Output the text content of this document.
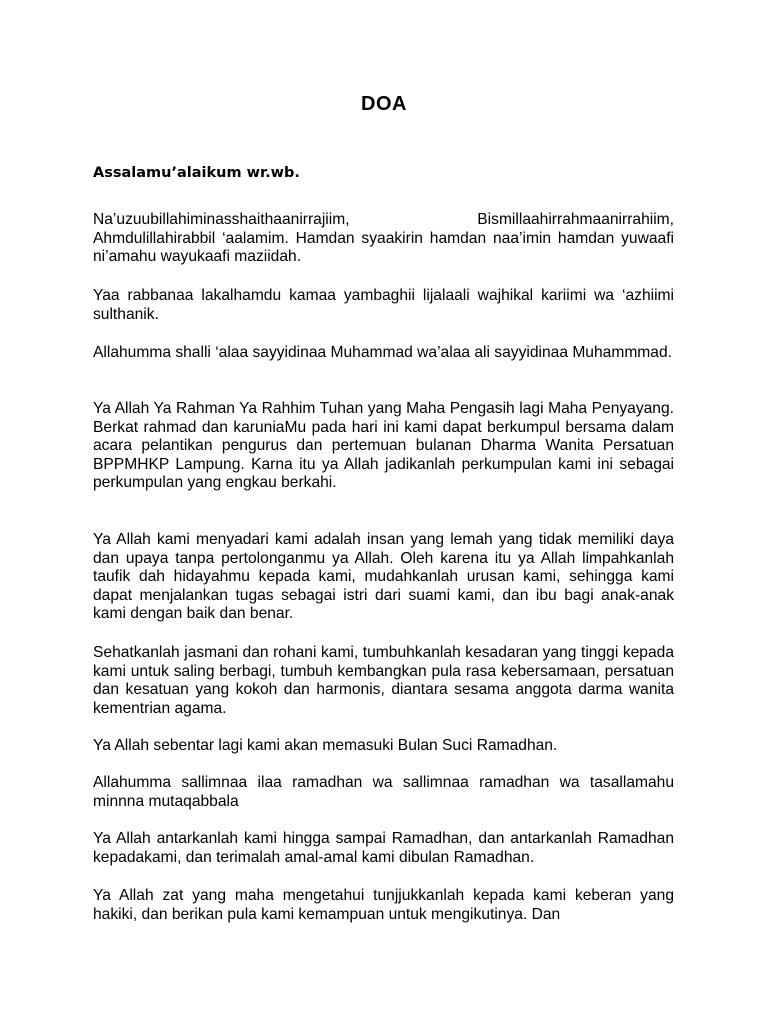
DOA
Assalamu’alaikum wr.wb.
Na’uzuubillahiminasshaithaanirrajiim,	Bismillaahirrahmaanirrahiim,
Ahmdulillahirabbil ‘aalamim. Hamdan syaakirin hamdan naa’imin hamdan yuwaafi ni’amahu wayukaafi maziidah.

Yaa rabbanaa lakalhamdu kamaa yambaghii lijalaali wajhikal kariimi wa ‘azhiimi sulthanik.

Allahumma shalli ‘alaa sayyidinaa Muhammad wa’alaa ali sayyidinaa Muhammmad.

Ya Allah Ya Rahman Ya Rahhim Tuhan yang Maha Pengasih lagi Maha Penyayang. Berkat rahmad dan karuniaMu pada hari ini kami dapat berkumpul bersama dalam acara pelantikan pengurus dan pertemuan bulanan Dharma Wanita Persatuan BPPMHKP Lampung. Karna itu ya Allah jadikanlah perkumpulan kami ini sebagai perkumpulan yang engkau berkahi.

Ya Allah kami menyadari kami adalah insan yang lemah yang tidak memiliki daya dan upaya tanpa pertolonganmu ya Allah. Oleh karena itu ya Allah limpahkanlah taufik dah hidayahmu kepada kami, mudahkanlah urusan kami, sehingga kami dapat menjalankan tugas sebagai istri dari suami kami, dan ibu bagi anak-anak kami dengan baik dan benar.

Sehatkanlah jasmani dan rohani kami, tumbuhkanlah kesadaran yang tinggi kepada kami untuk saling berbagi, tumbuh kembangkan pula rasa kebersamaan, persatuan dan kesatuan yang kokoh dan harmonis, diantara sesama anggota darma wanita kementrian agama.

Ya Allah sebentar lagi kami akan memasuki Bulan Suci Ramadhan.

Allahumma sallimnaa ilaa ramadhan wa sallimnaa ramadhan wa tasallamahu minnna mutaqabbala

Ya Allah antarkanlah kami hingga sampai Ramadhan, dan antarkanlah Ramadhan kepadakami, dan terimalah amal-amal kami dibulan Ramadhan.

Ya Allah zat yang maha mengetahui tunjjukkanlah kepada kami keberan yang hakiki, dan berikan pula kami kemampuan untuk mengikutinya. Dan
